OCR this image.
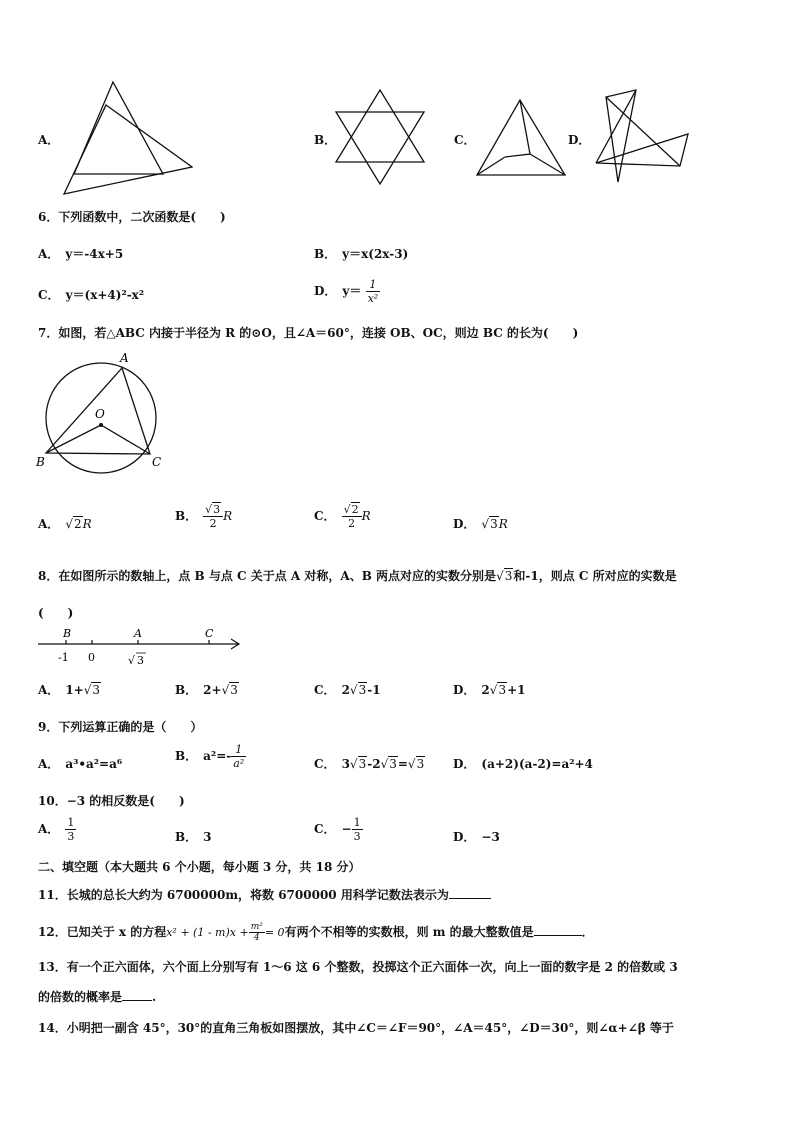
A．	B．	C．	D．
6．下列函数中，二次函数是(　　)
A． y＝-4x+5	B． y＝x(2x-3)
C． y＝(x+4)²-x²	D． $y= \frac{1}{\text{x²}}$
7．如图，若△ABC 内接于半径为 R 的⊙O，且∠A＝60°，连接 OB、OC，则边 BC 的长为(　　)
A
O
B	C
A． √2R
B． $\frac{√3}{2}$ R	C． $\frac{√2}{2}$ R
D． √3R
8．在如图所示的数轴上，点 B 与点 C 关于点 A 对称，A、B 两点对应的实数分别是√3和-1，则点 C 所对应的实数是
(　　)
B	A	C
-1 0	√ 3
A． 1+√3	B． 2+√3	C． 2√3-1	D． 2√3+1
9．下列运算正确的是（　　）
A． a³•a²=a⁶
B． $a^2=- \frac{1}{\text{a²}}$	C． 3√3-2√3=√3 D． (a+2)(a-2)=a²+4
10．−3 的相反数是(　　)
A． $\frac{1}{3}$	B． 3
C． − $\frac{1}{3}$	D． −3
二、填空题（本大题共 6 个小题，每小题 3 分，共 18 分）
11．长城的总长大约为 6700000m，将数 6700000 用科学记数法表示为
12．已知关于 x 的方程$x^2 + (1 - m)x + \frac{\text{m²}}{4} = 0$有两个不相等的实数根，则 m 的最大整数值是	．
13．有一个正六面体，六个面上分别写有 1～6 这 6 个整数，投掷这个正六面体一次，向上一面的数字是 2 的倍数或 3
的倍数的概率是	.
14．小明把一副含 45°，30°的直角三角板如图摆放，其中∠C＝∠F＝90°，∠A＝45°，∠D＝30°，则∠α+∠β 等于
